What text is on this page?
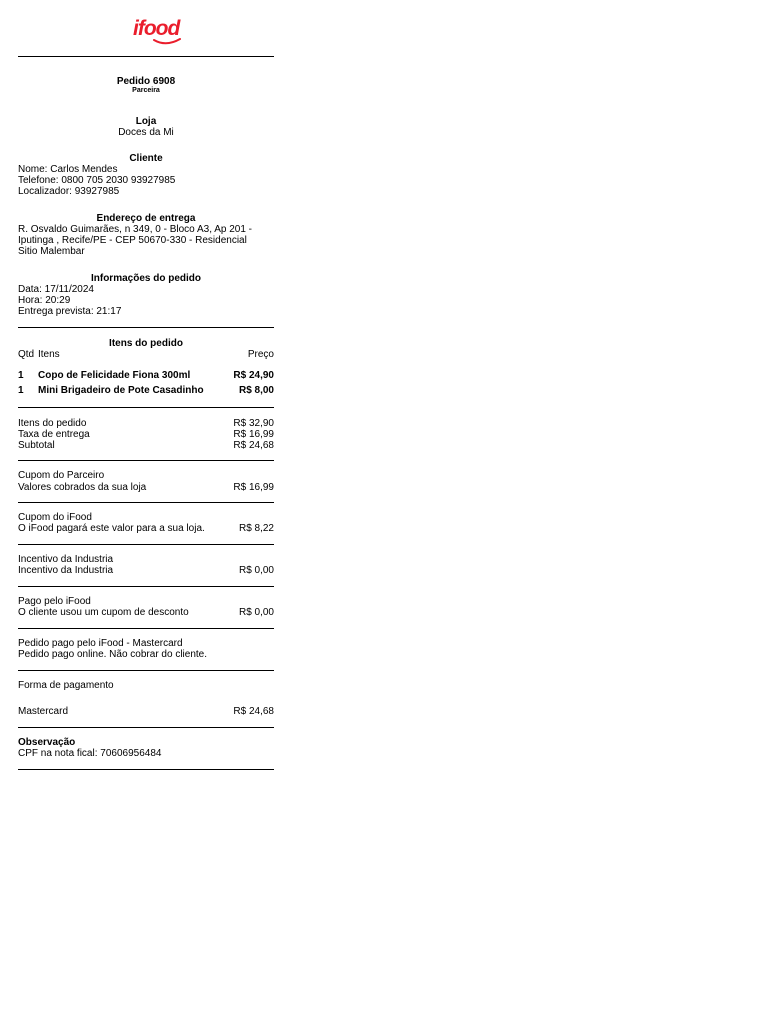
ifood
Pedido 6908
Parceira
Loja
Doces da Mi
Cliente
Nome: Carlos Mendes
Telefone: 0800 705 2030 93927985
Localizador: 93927985
Endereço de entrega
R. Osvaldo Guimarães, n 349, 0 - Bloco A3, Ap 201 -
Iputinga , Recife/PE - CEP 50670-330 - Residencial
Sitio Malembar
Informações do pedido
Data: 17/11/2024
Hora: 20:29
Entrega prevista: 21:17
Itens do pedido
Qtd Itens	Preço
1	Copo de Felicidade Fiona 300ml	R$ 24,90
1	Mini Brigadeiro de Pote Casadinho	R$ 8,00
Itens do pedido	R$ 32,90
Taxa de entrega	R$ 16,99
Subtotal	R$ 24,68
Cupom do Parceiro
Valores cobrados da sua loja	R$ 16,99
Cupom do iFood
O iFood pagará este valor para a sua loja.	R$ 8,22
Incentivo da Industria
Incentivo da Industria	R$ 0,00
Pago pelo iFood
O cliente usou um cupom de desconto	R$ 0,00
Pedido pago pelo iFood - Mastercard
Pedido pago online. Não cobrar do cliente.
Forma de pagamento
Mastercard	R$ 24,68
Observação
CPF na nota fical: 70606956484
